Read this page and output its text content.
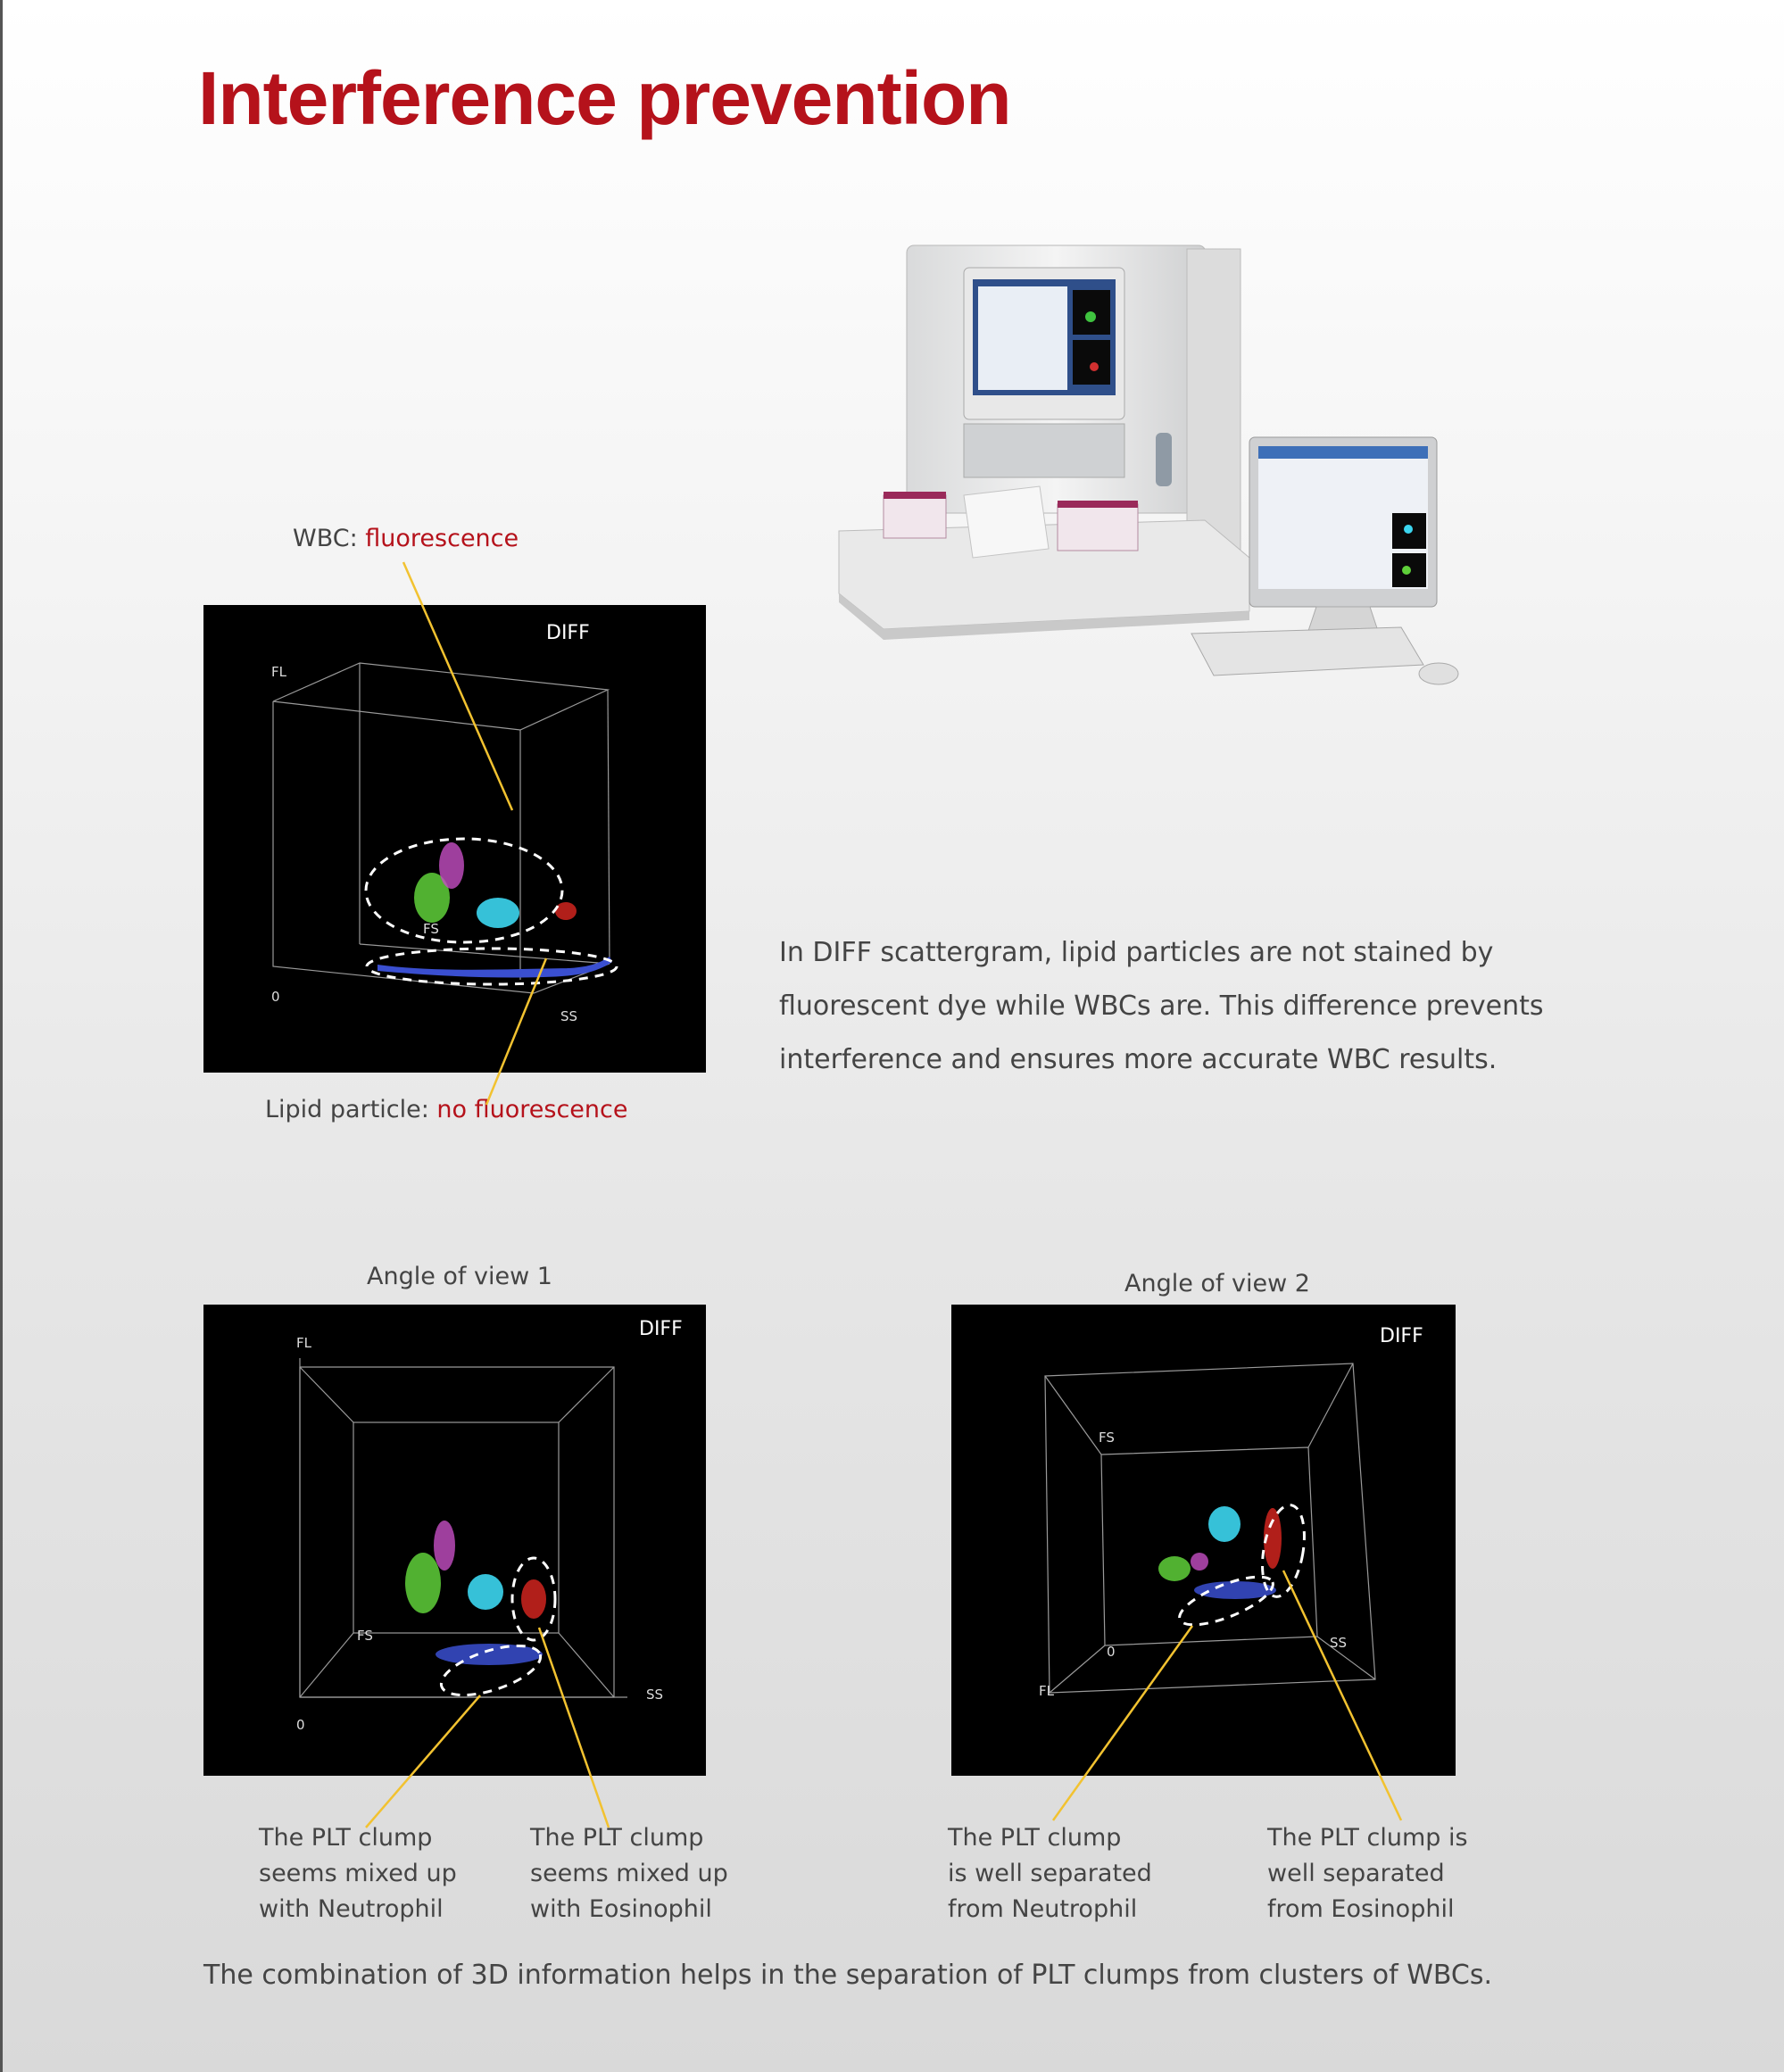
Interference prevention
WBC: fluorescence
DIFF
FL
FS
SS
0
Lipid particle: no fluorescence

In DIFF scattergram, lipid particles are not stained by fluorescent dye while WBCs are. This difference prevents interference and ensures more accurate WBC results.

Angle of view 1	Angle of view 2
DIFF
FL
FS
SS
0
DIFF
FS
FL
SS
0

The PLT clump
seems mixed up
with Neutrophil

The PLT clump
seems mixed up
with Eosinophil

The PLT clump
is well separated
from Neutrophil

The PLT clump is
well separated
from Eosinophil

The combination of 3D information helps in the separation of PLT clumps from clusters of WBCs.
